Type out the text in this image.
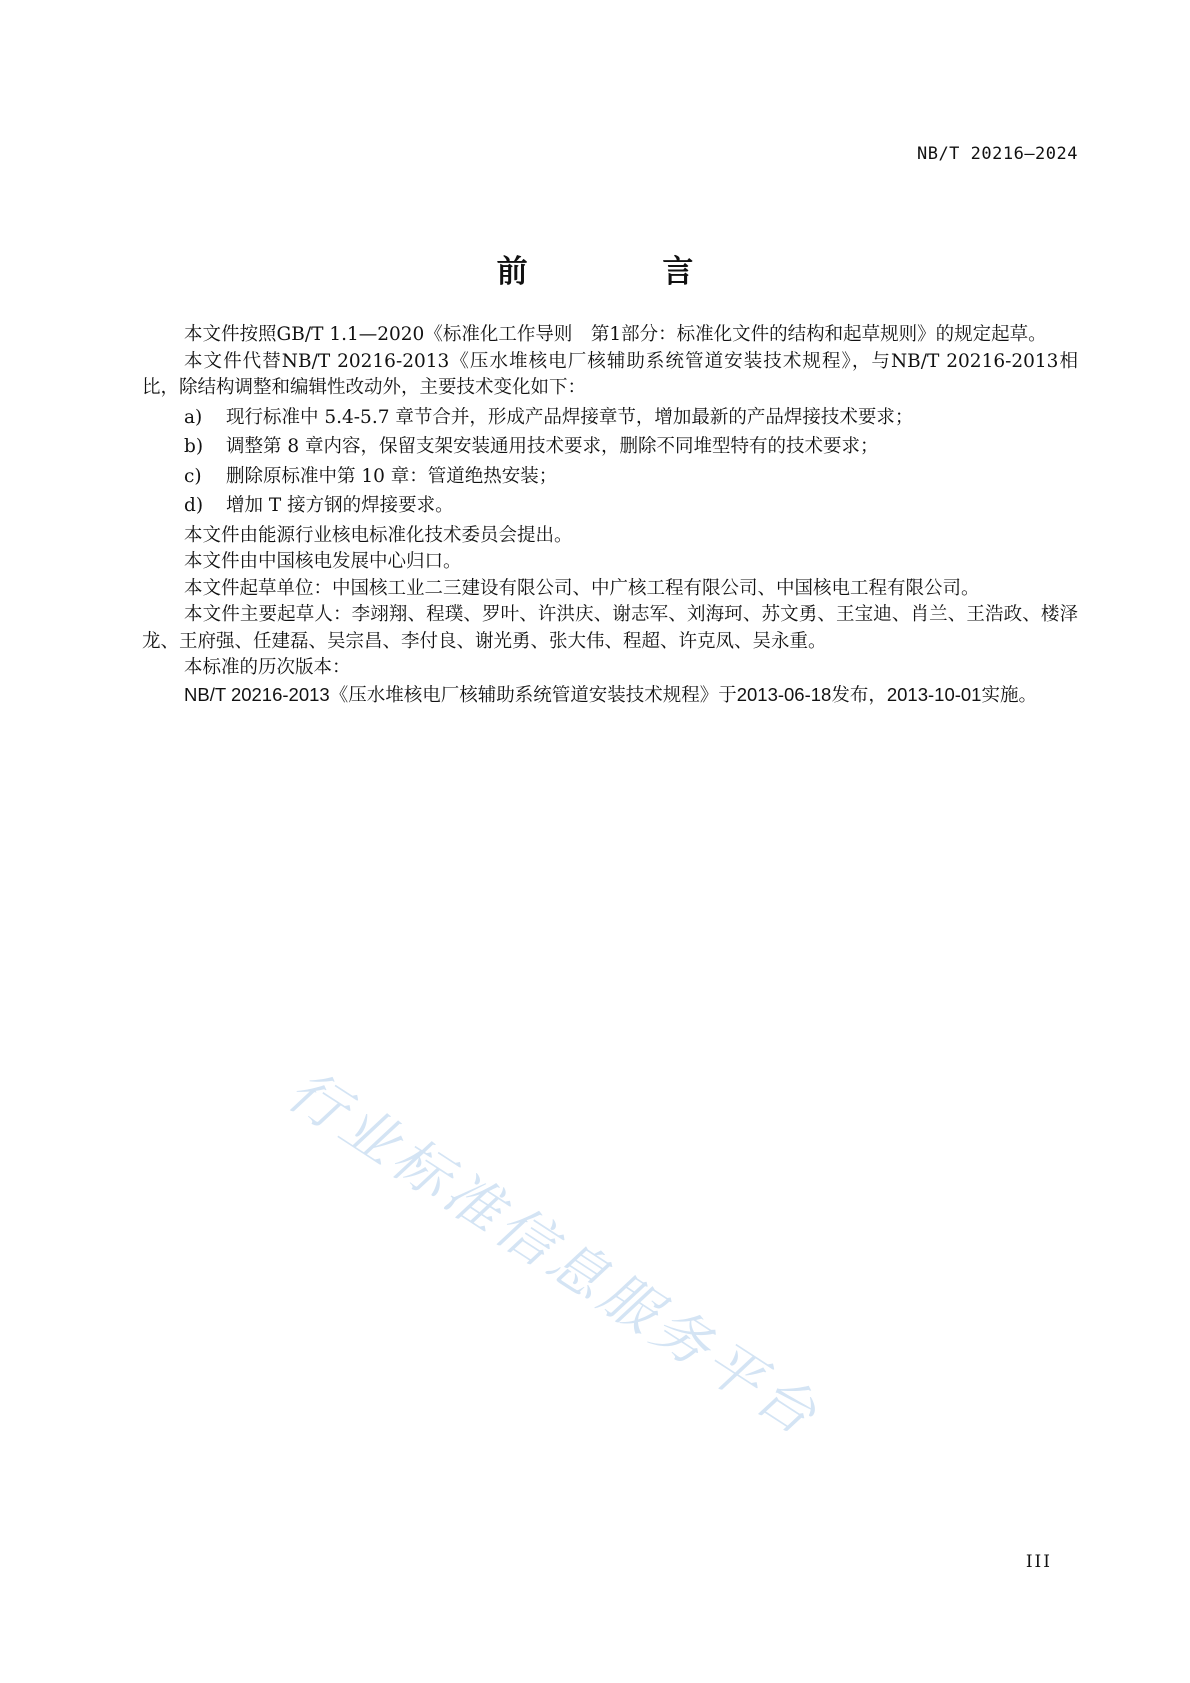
NB/T 20216—2024
前 言

本文件按照GB/T 1.1—2020《标准化工作导则　第1部分：标准化文件的结构和起草规则》的规定起草。

本文件代替NB/T 20216-2013《压水堆核电厂核辅助系统管道安装技术规程》，与NB/T 20216-2013相比，除结构调整和编辑性改动外，主要技术变化如下：

a)	现行标准中 5.4-5.7 章节合并，形成产品焊接章节，增加最新的产品焊接技术要求；
b)	调整第 8 章内容，保留支架安装通用技术要求，删除不同堆型特有的技术要求；
c)	删除原标准中第 10 章：管道绝热安装；
d)	增加 T 接方钢的焊接要求。

本文件由能源行业核电标准化技术委员会提出。

本文件由中国核电发展中心归口。

本文件起草单位：中国核工业二三建设有限公司、中广核工程有限公司、中国核电工程有限公司。

本文件主要起草人：李翊翔、程璞、罗叶、许洪庆、谢志军、刘海珂、苏文勇、王宝迪、肖兰、王浩政、楼泽龙、王府强、任建磊、吴宗昌、李付良、谢光勇、张大伟、程超、许克凤、吴永重。

本标准的历次版本：

NB/T 20216-2013《压水堆核电厂核辅助系统管道安装技术规程》于2013-06-18发布，2013-10-01实施。

行业标准信息服务平台
III
